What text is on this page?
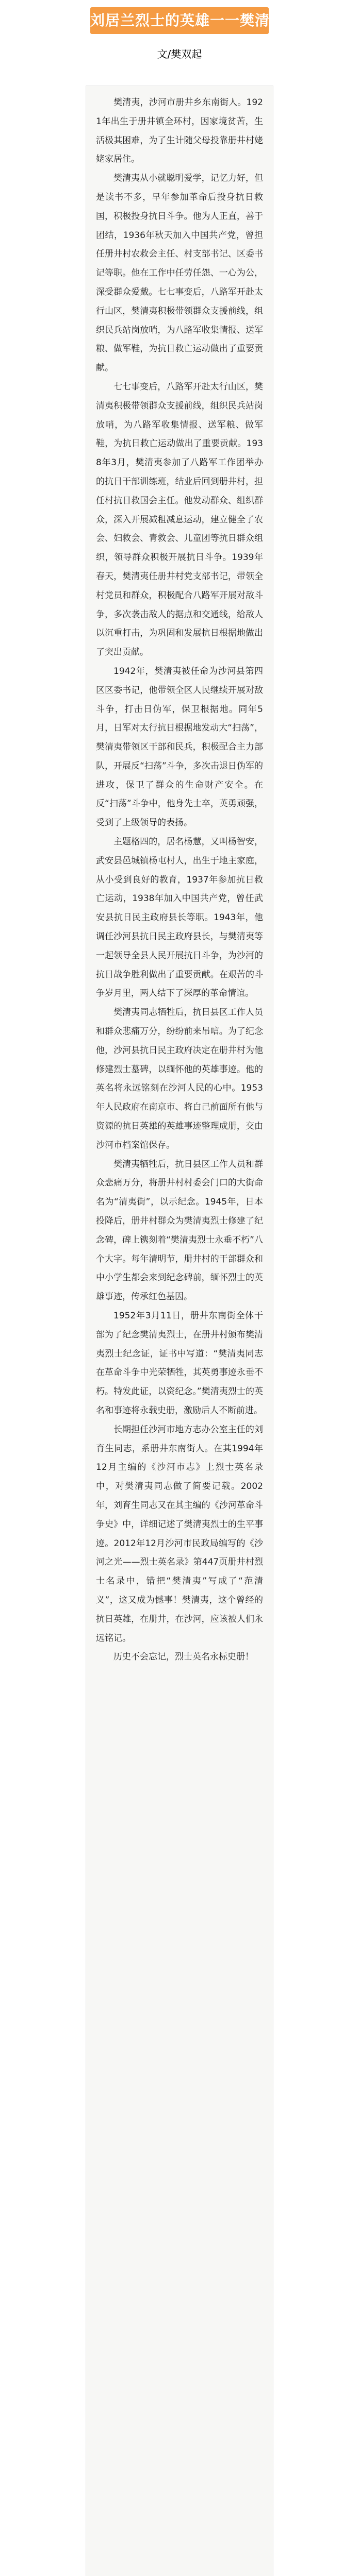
刘居兰烈士的英雄一一樊清夷
文/樊双起

樊清夷，沙河市册井乡东南街人。1921年出生于册井镇全环村，因家境贫苦，生活极其困难，为了生计随父母投靠册井村姥姥家居住。

樊清夷从小就聪明爱学，记忆力好，但是读书不多，早年参加革命后投身抗日救国，积极投身抗日斗争。他为人正直，善于团结，1936年秋天加入中国共产党，曾担任册井村农救会主任、村支部书记、区委书记等职。他在工作中任劳任怨、一心为公，深受群众爱戴。七七事变后，八路军开赴太行山区，樊清夷积极带领群众支援前线，组织民兵站岗放哨，为八路军收集情报、送军粮、做军鞋，为抗日救亡运动做出了重要贡献。

七七事变后，八路军开赴太行山区，樊清夷积极带领群众支援前线，组织民兵站岗放哨，为八路军收集情报、送军粮、做军鞋，为抗日救亡运动做出了重要贡献。1938年3月，樊清夷参加了八路军工作团举办的抗日干部训练班，结业后回到册井村，担任村抗日救国会主任。他发动群众、组织群众，深入开展减租减息运动，建立健全了农会、妇救会、青救会、儿童团等抗日群众组织，领导群众积极开展抗日斗争。1939年春天，樊清夷任册井村党支部书记，带领全村党员和群众，积极配合八路军开展对敌斗争，多次袭击敌人的据点和交通线，给敌人以沉重打击，为巩固和发展抗日根据地做出了突出贡献。

1942年，樊清夷被任命为沙河县第四区区委书记，他带领全区人民继续开展对敌斗争，打击日伪军，保卫根据地。同年5月，日军对太行抗日根据地发动大“扫荡”，樊清夷带领区干部和民兵，积极配合主力部队，开展反“扫荡”斗争，多次击退日伪军的进攻，保卫了群众的生命财产安全。在反“扫荡”斗争中，他身先士卒，英勇顽强，受到了上级领导的表扬。

主题格四的，居名杨慧，又叫杨智安，武安县邑城镇杨屯村人，出生于地主家庭，从小受到良好的教育，1937年参加抗日救亡运动，1938年加入中国共产党，曾任武安县抗日民主政府县长等职。1943年，他调任沙河县抗日民主政府县长，与樊清夷等一起领导全县人民开展抗日斗争，为沙河的抗日战争胜利做出了重要贡献。在艰苦的斗争岁月里，两人结下了深厚的革命情谊。

樊清夷同志牺牲后，抗日县区工作人员和群众悲痛万分，纷纷前来吊唁。为了纪念他，沙河县抗日民主政府决定在册井村为他修建烈士墓碑，以缅怀他的英雄事迹。他的英名将永远铭刻在沙河人民的心中。1953年人民政府在南京市、将白己前面所有他与资源的抗日英雄的英雄事迹整理成册，交由沙河市档案馆保存。

樊清夷牺牲后，抗日县区工作人员和群众悲痛万分，将册井村村委会门口的大街命名为“清夷街”，以示纪念。1945年，日本投降后，册井村群众为樊清夷烈士修建了纪念碑，碑上镌刻着“樊清夷烈士永垂不朽”八个大字。每年清明节，册井村的干部群众和中小学生都会来到纪念碑前，缅怀烈士的英雄事迹，传承红色基因。

1952年3月11日，册井东南街全体干部为了纪念樊清夷烈士，在册井村颁布樊清夷烈士纪念证，证书中写道：“樊清夷同志在革命斗争中光荣牺牲，其英勇事迹永垂不朽。特发此证，以资纪念。”樊清夷烈士的英名和事迹将永载史册，激励后人不断前进。

长期担任沙河市地方志办公室主任的刘育生同志，系册井东南街人。在其1994年12月主编的《沙河市志》上烈士英名录中，对樊清夷同志做了简要记载。2002年，刘育生同志又在其主编的《沙河革命斗争史》中，详细记述了樊清夷烈士的生平事迹。2012年12月沙河市民政局编写的《沙河之光——烈士英名录》第447页册井村烈士名录中，错把“樊清夷”写成了“范清义”，这又成为憾事！樊清夷，这个曾经的抗日英雄，在册井，在沙河，应该被人们永远铭记。

历史不会忘记，烈士英名永标史册！
